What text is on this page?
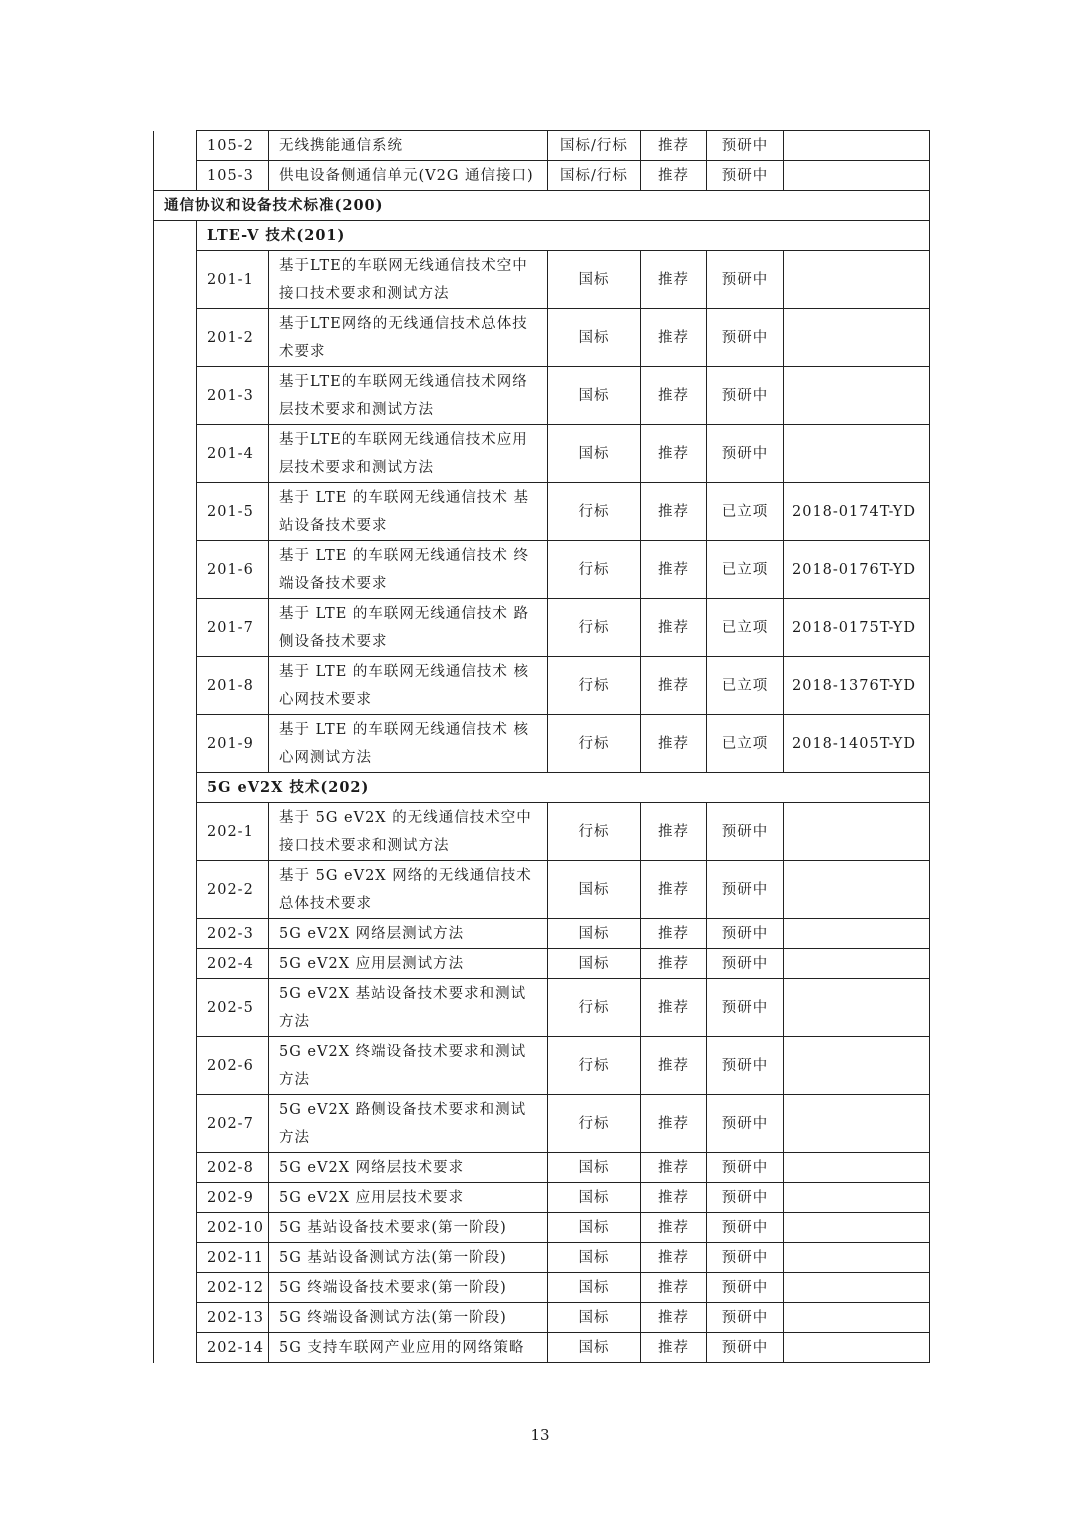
	105-2	无线携能通信系统	国标/行标	推荐	预研中	
	105-3	供电设备侧通信单元(V2G 通信接口)	国标/行标	推荐	预研中	
通信协议和设备技术标准(200)						
	LTE-V 技术(201)					
	201-1	基于LTE的车联网无线通信技术空中接口技术要求和测试方法	国标	推荐	预研中	
	201-2	基于LTE网络的无线通信技术总体技术要求	国标	推荐	预研中	
	201-3	基于LTE的车联网无线通信技术网络层技术要求和测试方法	国标	推荐	预研中	
	201-4	基于LTE的车联网无线通信技术应用层技术要求和测试方法	国标	推荐	预研中	
	201-5	基于 LTE 的车联网无线通信技术 基站设备技术要求	行标	推荐	已立项	2018-0174T-YD
	201-6	基于 LTE 的车联网无线通信技术 终端设备技术要求	行标	推荐	已立项	2018-0176T-YD
	201-7	基于 LTE 的车联网无线通信技术 路侧设备技术要求	行标	推荐	已立项	2018-0175T-YD
	201-8	基于 LTE 的车联网无线通信技术 核心网技术要求	行标	推荐	已立项	2018-1376T-YD
	201-9	基于 LTE 的车联网无线通信技术 核心网测试方法	行标	推荐	已立项	2018-1405T-YD
	5G eV2X 技术(202)					
	202-1	基于 5G eV2X 的无线通信技术空中接口技术要求和测试方法	行标	推荐	预研中	
	202-2	基于 5G eV2X 网络的无线通信技术总体技术要求	国标	推荐	预研中	
	202-3	5G eV2X 网络层测试方法	国标	推荐	预研中	
	202-4	5G eV2X 应用层测试方法	国标	推荐	预研中	
	202-5	5G eV2X 基站设备技术要求和测试方法	行标	推荐	预研中	
	202-6	5G eV2X 终端设备技术要求和测试方法	行标	推荐	预研中	
	202-7	5G eV2X 路侧设备技术要求和测试方法	行标	推荐	预研中	
	202-8	5G eV2X 网络层技术要求	国标	推荐	预研中	
	202-9	5G eV2X 应用层技术要求	国标	推荐	预研中	
	202-10	5G 基站设备技术要求(第一阶段)	国标	推荐	预研中	
	202-11	5G 基站设备测试方法(第一阶段)	国标	推荐	预研中	
	202-12	5G 终端设备技术要求(第一阶段)	国标	推荐	预研中	
	202-13	5G 终端设备测试方法(第一阶段)	国标	推荐	预研中	
	202-14	5G 支持车联网产业应用的网络策略	国标	推荐	预研中	
13
